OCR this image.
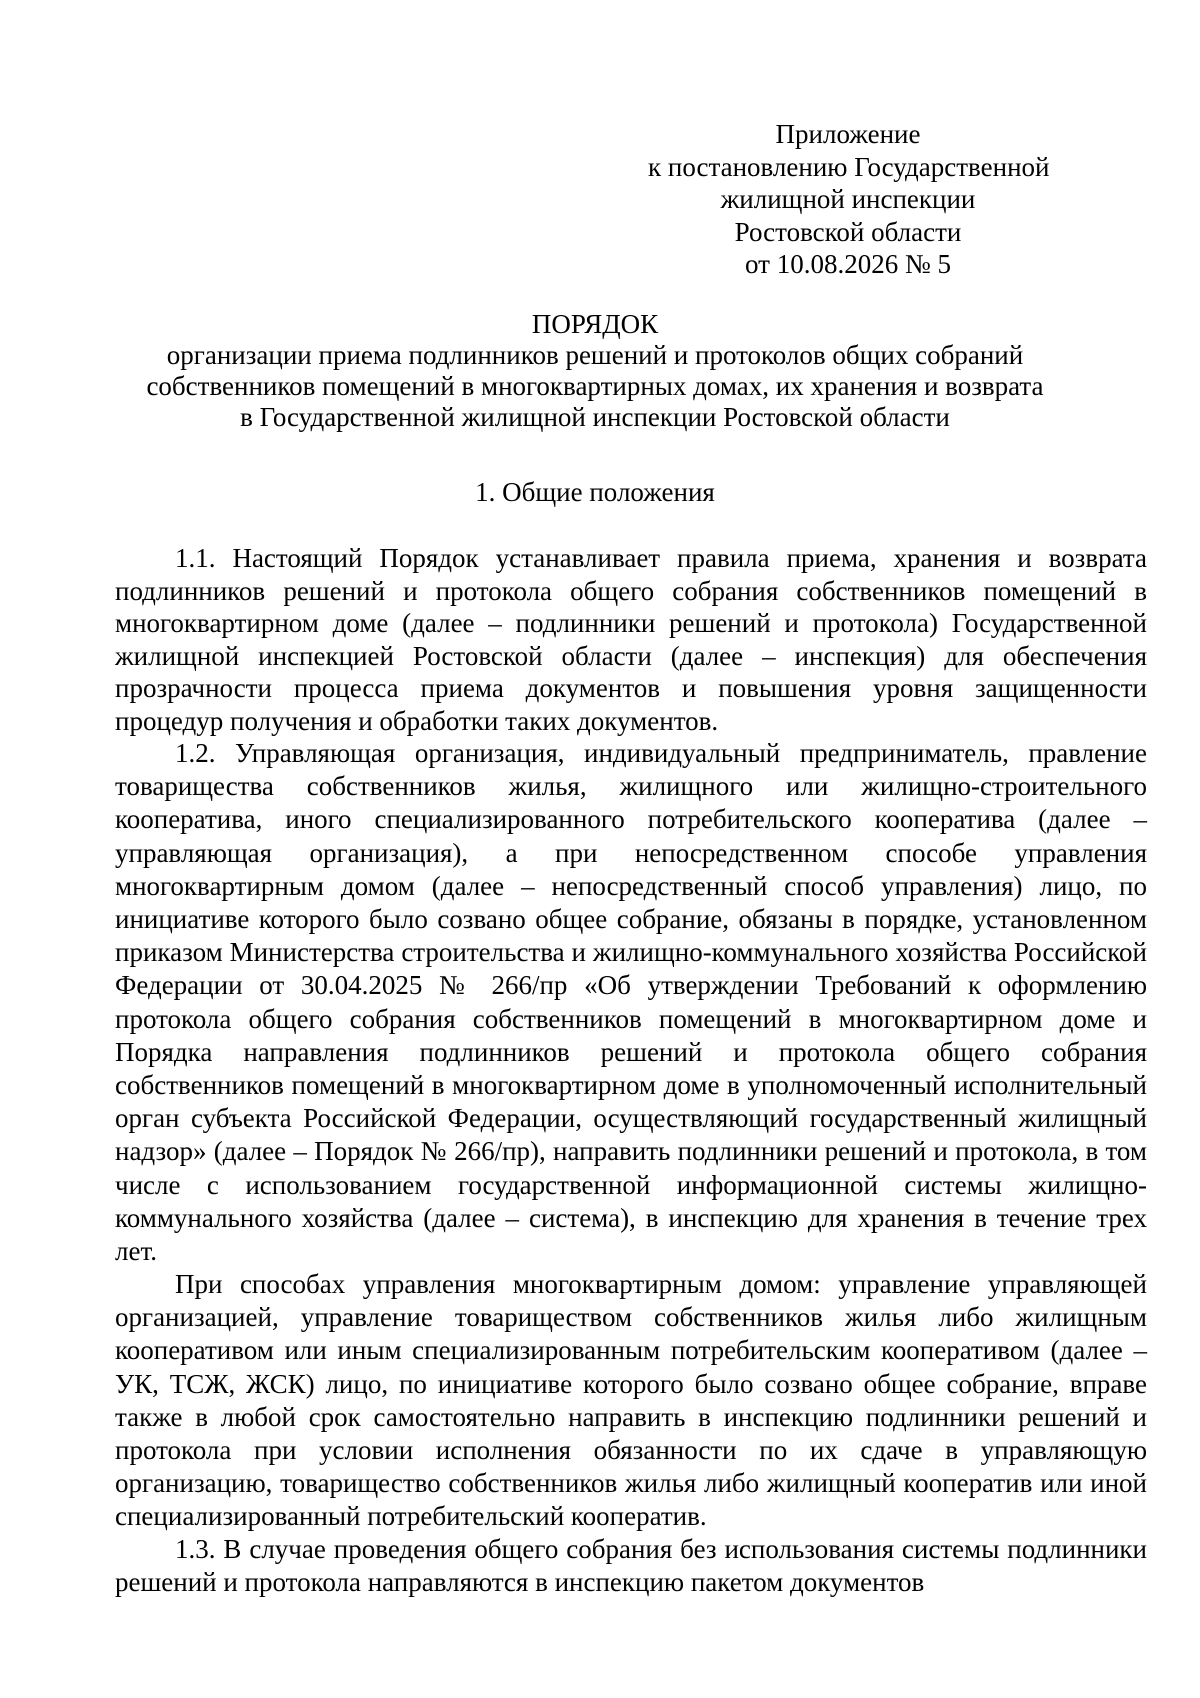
Приложение
к постановлению Государственной
жилищной инспекции
Ростовской области
от 10.08.2026 № 5
ПОРЯДОК
организации приема подлинников решений и протоколов общих собраний
собственников помещений в многоквартирных домах, их хранения и возврата
в Государственной жилищной инспекции Ростовской области
1. Общие положения

1.1. Настоящий Порядок устанавливает правила приема, хранения и возврата подлинников решений и протокола общего собрания собственников помещений в многоквартирном доме (далее – подлинники решений и протокола) Государственной жилищной инспекцией Ростовской области (далее – инспекция) для обеспечения прозрачности процесса приема документов и повышения уровня защищенности процедур получения и обработки таких документов.

1.2. Управляющая организация, индивидуальный предприниматель, правление товарищества собственников жилья, жилищного или жилищно-строительного кооператива, иного специализированного потребительского кооператива (далее – управляющая организация), а при непосредственном способе управления многоквартирным домом (далее – непосредственный способ управления) лицо, по инициативе которого было созвано общее собрание, обязаны в порядке, установленном приказом Министерства строительства и жилищно-коммунального хозяйства Российской Федерации от 30.04.2025 № 266/пр «Об утверждении Требований к оформлению протокола общего собрания собственников помещений в многоквартирном доме и Порядка направления подлинников решений и протокола общего собрания собственников помещений в многоквартирном доме в уполномоченный исполнительный орган субъекта Российской Федерации, осуществляющий государственный жилищный надзор» (далее – Порядок № 266/пр), направить подлинники решений и протокола, в том числе с использованием государственной информационной системы жилищно-коммунального хозяйства (далее – система), в инспекцию для хранения в течение трех лет.

При способах управления многоквартирным домом: управление управляющей организацией, управление товариществом собственников жилья либо жилищным кооперативом или иным специализированным потребительским кооперативом (далее – УК, ТСЖ, ЖСК) лицо, по инициативе которого было созвано общее собрание, вправе также в любой срок самостоятельно направить в инспекцию подлинники решений и протокола при условии исполнения обязанности по их сдаче в управляющую организацию, товарищество собственников жилья либо жилищный кооператив или иной специализированный потребительский кооператив.

1.3. В случае проведения общего собрания без использования системы подлинники решений и протокола направляются в инспекцию пакетом документов
